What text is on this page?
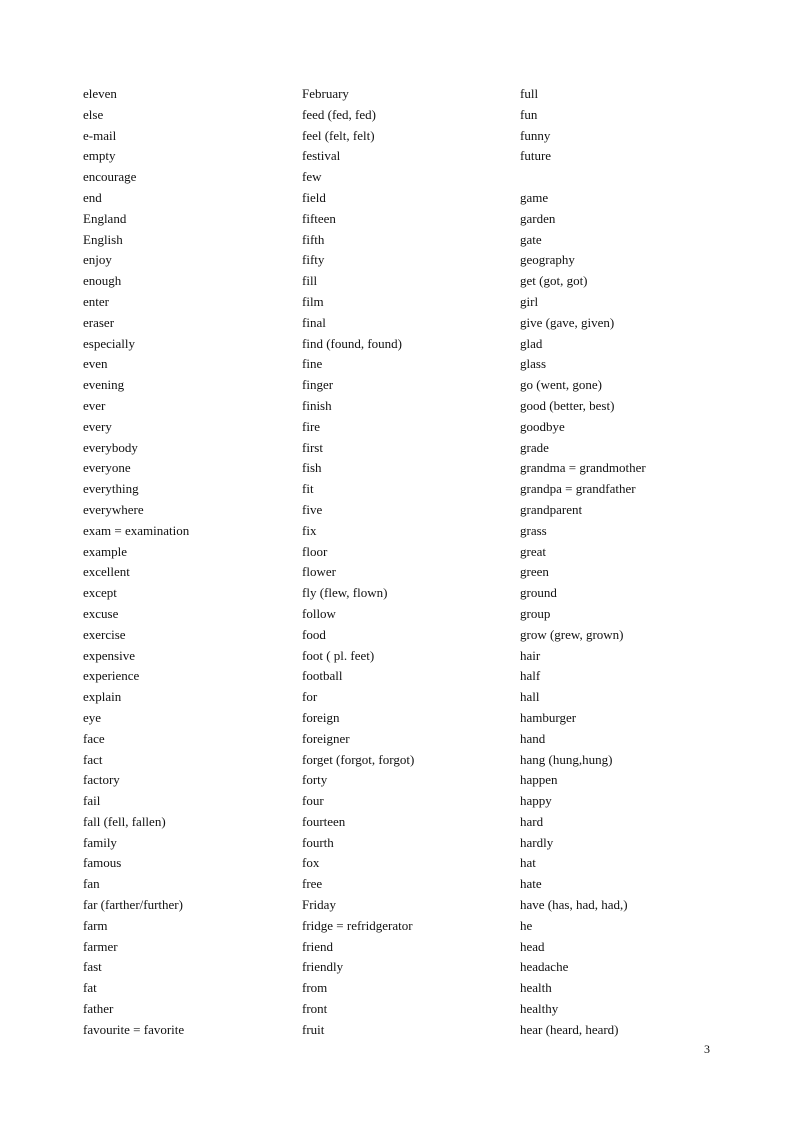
eleven
else
e-mail
empty
encourage
end
England
English
enjoy
enough
enter
eraser
especially
even
evening
ever
every
everybody
everyone
everything
everywhere
exam = examination
example
excellent
except
excuse
exercise
expensive
experience
explain
eye
face
fact
factory
fail
fall (fell, fallen)
family
famous
fan
far (farther/further)
farm
farmer
fast
fat
father
favourite = favorite
February
feed (fed, fed)
feel (felt, felt)
festival
few
field
fifteen
fifth
fifty
fill
film
final
find (found, found)
fine
finger
finish
fire
first
fish
fit
five
fix
floor
flower
fly (flew, flown)
follow
food
foot ( pl. feet)
football
for
foreign
foreigner
forget (forgot, forgot)
forty
four
fourteen
fourth
fox
free
Friday
fridge = refridgerator
friend
friendly
from
front
fruit
full
fun
funny
future
game
garden
gate
geography
get (got, got)
girl
give (gave, given)
glad
glass
go (went, gone)
good (better, best)
goodbye
grade
grandma = grandmother
grandpa = grandfather
grandparent
grass
great
green
ground
group
grow (grew, grown)
hair
half
hall
hamburger
hand
hang (hung,hung)
happen
happy
hard
hardly
hat
hate
have (has, had, had,)
he
head
headache
health
healthy
hear (heard, heard)
3
